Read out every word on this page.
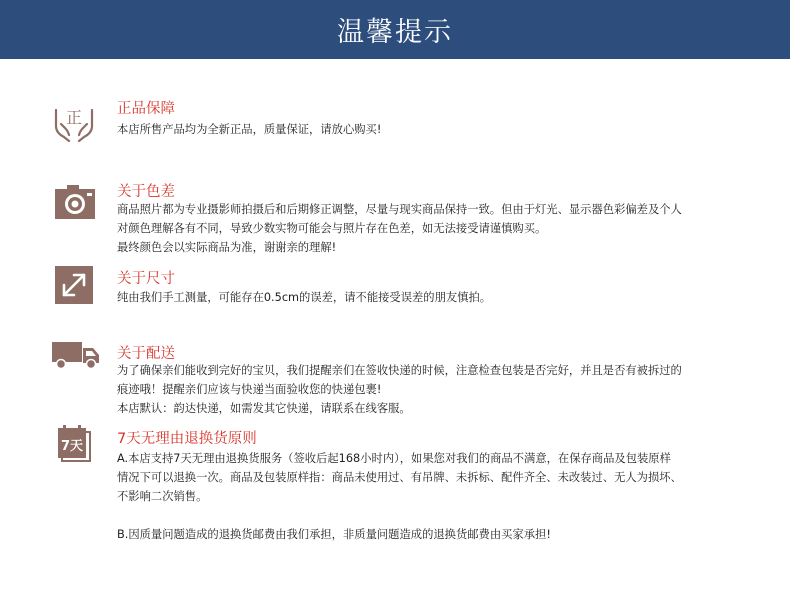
温馨提示
正 正品保障
本店所售产品均为全新正品，质量保证，请放心购买!
关于色差
商品照片都为专业摄影师拍摄后和后期修正调整，尽量与现实商品保持一致。但由于灯光、显示器色彩偏差及个人
对颜色理解各有不同，导致少数实物可能会与照片存在色差，如无法接受请谨慎购买。
最终颜色会以实际商品为准，谢谢亲的理解!
关于尺寸
纯由我们手工测量，可能存在0.5cm的误差，请不能接受误差的朋友慎拍。
关于配送
为了确保亲们能收到完好的宝贝，我们提醒亲们在签收快递的时候，注意检查包装是否完好，并且是否有被拆过的
痕迹哦！提醒亲们应该与快递当面验收您的快递包裹!
本店默认：韵达快递，如需发其它快递，请联系在线客服。
7天 7天无理由退换货原则
A.本店支持7天无理由退换货服务（签收后起168小时内），如果您对我们的商品不满意，在保存商品及包装原样
情况下可以退换一次。商品及包装原样指：商品未使用过、有吊牌、未拆标、配件齐全、未改装过、无人为损坏、
不影响二次销售。
B.因质量问题造成的退换货邮费由我们承担，非质量问题造成的退换货邮费由买家承担!
